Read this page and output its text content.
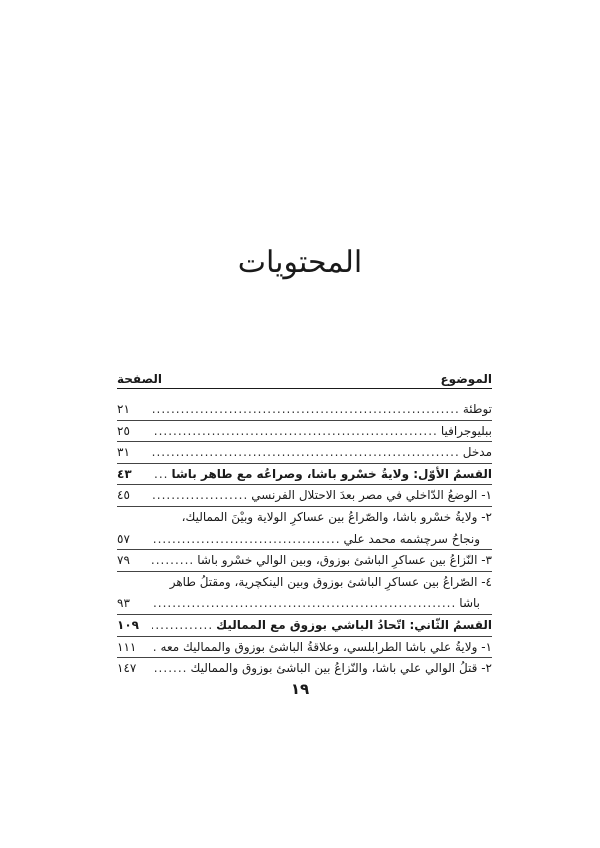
المحتويات
الموضوع
الصفحة
توطئة
.....
٢١
ببليوجرافيا
.....
٢٥
مدخل
.....
٣١
القسمُ الأوّل: ولايةُ خسْرو باشا، وصراعُه مع طاهر باشا
.....
٤٣
١- الوضعُ الدّاخلي في مصر بعدَ الاحتلال الفرنسي
.....
٤٥
٢- ولايةُ خسْرو باشا، والصّراعُ بين عساكرِ الولاية وبيْنَ المماليك،
ونجاحُ سرچشمه محمد علي
.....
٥٧
٣- النّزاعُ بين عساكرِ الباشئ بوزوق، وبين الوالي خسْرو باشا
.....
٧٩
٤- الصّراعُ بين عساكرِ الباشئ بوزوق وبين الينكچرية، ومقتلُ طاهر
باشا
.....
٩٣
القسمُ الثّاني: اتّحادُ الباشي بوزوق مع المماليك
.....
١٠٩
١- ولايةُ علي باشا الطرابلسي، وعلاقةُ الباشئ بوزوق والمماليك معه
.....
١١١
٢- قتلُ الوالي علي باشا، والنّزاعُ بين الباشئ بوزوق والمماليك
.....
١٤٧
١٩
